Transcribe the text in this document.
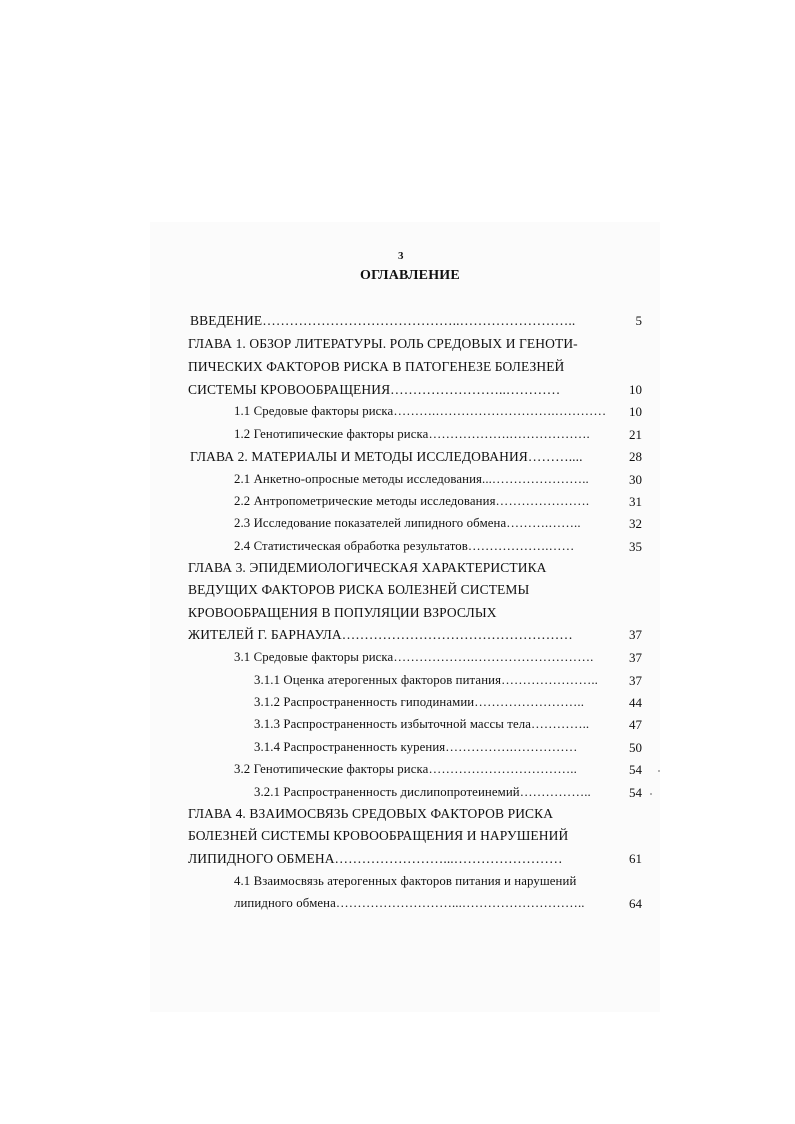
3
ОГЛАВЛЕНИЕ
ВВЕДЕНИЕ……………………………………..……………………..	5
ГЛАВА 1. ОБЗОР ЛИТЕРАТУРЫ. РОЛЬ СРЕДОВЫХ И ГЕНОТИ-
ПИЧЕСКИХ ФАКТОРОВ РИСКА В ПАТОГЕНЕЗЕ БОЛЕЗНЕЙ
СИСТЕМЫ КРОВООБРАЩЕНИЯ……………………..…………	10
1.1 Средовые факторы риска……….……………………….…………	10
1.2 Генотипические факторы риска……………….……………….	21
ГЛАВА 2. МАТЕРИАЛЫ И МЕТОДЫ ИССЛЕДОВАНИЯ………....	28
2.1 Анкетно-опросные методы исследования...…………………..	30
2.2 Антропометрические методы исследования………………….	31
2.3 Исследование показателей липидного обмена……….……..	32
2.4 Статистическая обработка результатов……………….……	35
ГЛАВА 3. ЭПИДЕМИОЛОГИЧЕСКАЯ ХАРАКТЕРИСТИКА
ВЕДУЩИХ ФАКТОРОВ РИСКА БОЛЕЗНЕЙ СИСТЕМЫ
КРОВООБРАЩЕНИЯ В ПОПУЛЯЦИИ ВЗРОСЛЫХ
ЖИТЕЛЕЙ Г. БАРНАУЛА……………………………………………	37
3.1 Средовые факторы риска……………….……………………….	37
3.1.1 Оценка атерогенных факторов питания…………………..	37
3.1.2 Распространенность гиподинамии……………………..	44
3.1.3 Распространенность избыточной массы тела…………..	47
3.1.4 Распространенность курения…………….……………	50
3.2 Генотипические факторы риска……………………………..	54
3.2.1 Распространенность дислипопротеинемий……………..	54
ГЛАВА 4. ВЗАИМОСВЯЗЬ СРЕДОВЫХ ФАКТОРОВ РИСКА
БОЛЕЗНЕЙ СИСТЕМЫ КРОВООБРАЩЕНИЯ И НАРУШЕНИЙ
ЛИПИДНОГО ОБМЕНА……………………...……………………	61
4.1 Взаимосвязь атерогенных факторов питания и нарушений
липидного обмена………………………...………………………..	64
